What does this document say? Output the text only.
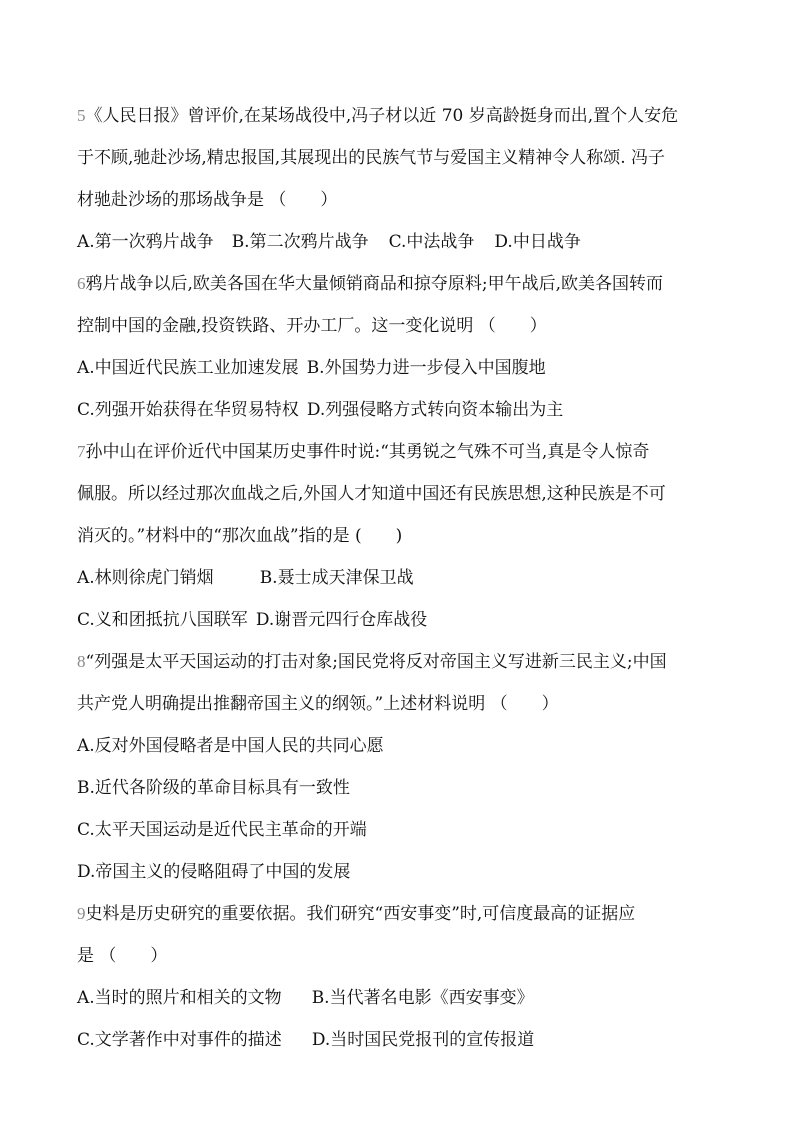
5《人民日报》曾评价,在某场战役中,冯子材以近 70 岁高龄挺身而出,置个人安危
于不顾,驰赴沙场,精忠报国,其展现出的民族气节与爱国主义精神令人称颂. 冯子
材驰赴沙场的那场战争是 （　　）
A.第一次鸦片战争 B.第二次鸦片战争 C.中法战争 D.中日战争
6鸦片战争以后,欧美各国在华大量倾销商品和掠夺原料;甲午战后,欧美各国转而
控制中国的金融,投资铁路、开办工厂。这一变化说明 （　　）
A.中国近代民族工业加速发展 B.外国势力进一步侵入中国腹地
C.列强开始获得在华贸易特权 D.列强侵略方式转向资本输出为主
7孙中山在评价近代中国某历史事件时说:“其勇锐之气殊不可当,真是令人惊奇
佩服。所以经过那次血战之后,外国人才知道中国还有民族思想,这种民族是不可
消灭的。”材料中的“那次血战”指的是 (　　)
A.林则徐虎门销烟	B.聂士成天津保卫战
C.义和团抵抗八国联军 D.谢晋元四行仓库战役
8“列强是太平天国运动的打击对象;国民党将反对帝国主义写进新三民主义;中国
共产党人明确提出推翻帝国主义的纲领。”上述材料说明 （　　）
A.反对外国侵略者是中国人民的共同心愿
B.近代各阶级的革命目标具有一致性
C.太平天国运动是近代民主革命的开端
D.帝国主义的侵略阻碍了中国的发展
9史料是历史研究的重要依据。我们研究“西安事变”时,可信度最高的证据应
是 （　　）
A.当时的照片和相关的文物 B.当代著名电影《西安事变》
C.文学著作中对事件的描述 D.当时国民党报刊的宣传报道
